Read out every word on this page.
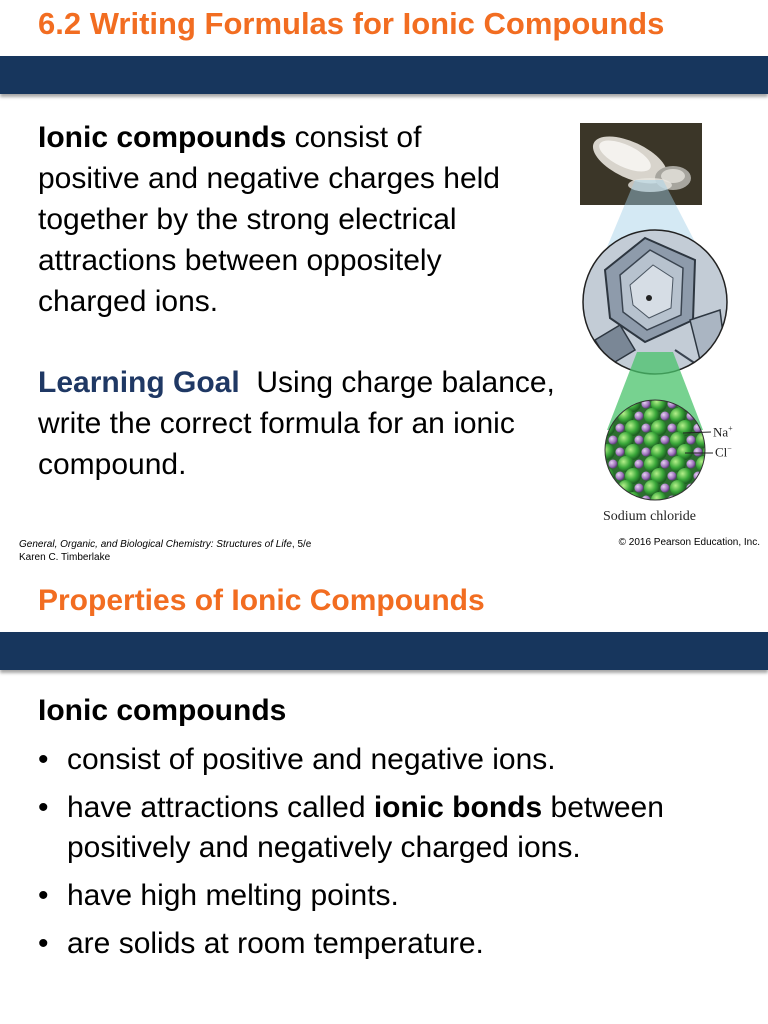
6.2 Writing Formulas for Ionic Compounds

Ionic compounds consist of positive and negative charges held together by the strong electrical attractions between oppositely charged ions.

Learning Goal  Using charge balance, write the correct formula for an ionic compound.

Na+
Cl−
Sodium chloride
General, Organic, and Biological Chemistry: Structures of Life, 5/e
Karen C. Timberlake
© 2016 Pearson Education, Inc.
Properties of Ionic Compounds

Ionic compounds

• consist of positive and negative ions.
• have attractions called ionic bonds between positively and negatively charged ions.
• have high melting points.
• are solids at room temperature.
